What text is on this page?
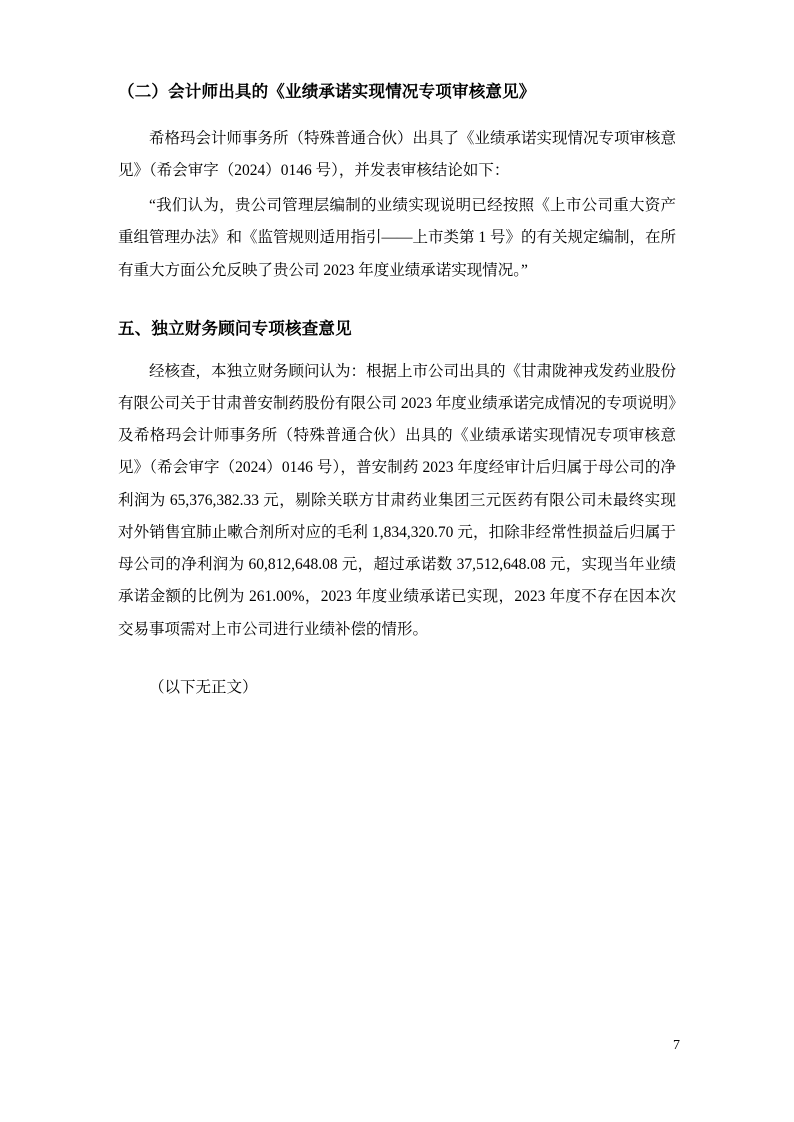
（二）会计师出具的《业绩承诺实现情况专项审核意见》

希格玛会计师事务所（特殊普通合伙）出具了《业绩承诺实现情况专项审核意见》（希会审字（2024）0146 号），并发表审核结论如下：

“我们认为，贵公司管理层编制的业绩实现说明已经按照《上市公司重大资产重组管理办法》和《监管规则适用指引——上市类第 1 号》的有关规定编制，在所有重大方面公允反映了贵公司 2023 年度业绩承诺实现情况。”

五、独立财务顾问专项核查意见

经核查，本独立财务顾问认为：根据上市公司出具的《甘肃陇神戎发药业股份有限公司关于甘肃普安制药股份有限公司 2023 年度业绩承诺完成情况的专项说明》及希格玛会计师事务所（特殊普通合伙）出具的《业绩承诺实现情况专项审核意见》（希会审字（2024）0146 号），普安制药 2023 年度经审计后归属于母公司的净利润为 65,376,382.33 元，剔除关联方甘肃药业集团三元医药有限公司未最终实现对外销售宜肺止嗽合剂所对应的毛利 1,834,320.70 元，扣除非经常性损益后归属于母公司的净利润为 60,812,648.08 元，超过承诺数 37,512,648.08 元，实现当年业绩承诺金额的比例为 261.00%，2023 年度业绩承诺已实现，2023 年度不存在因本次交易事项需对上市公司进行业绩补偿的情形。

（以下无正文）
7
